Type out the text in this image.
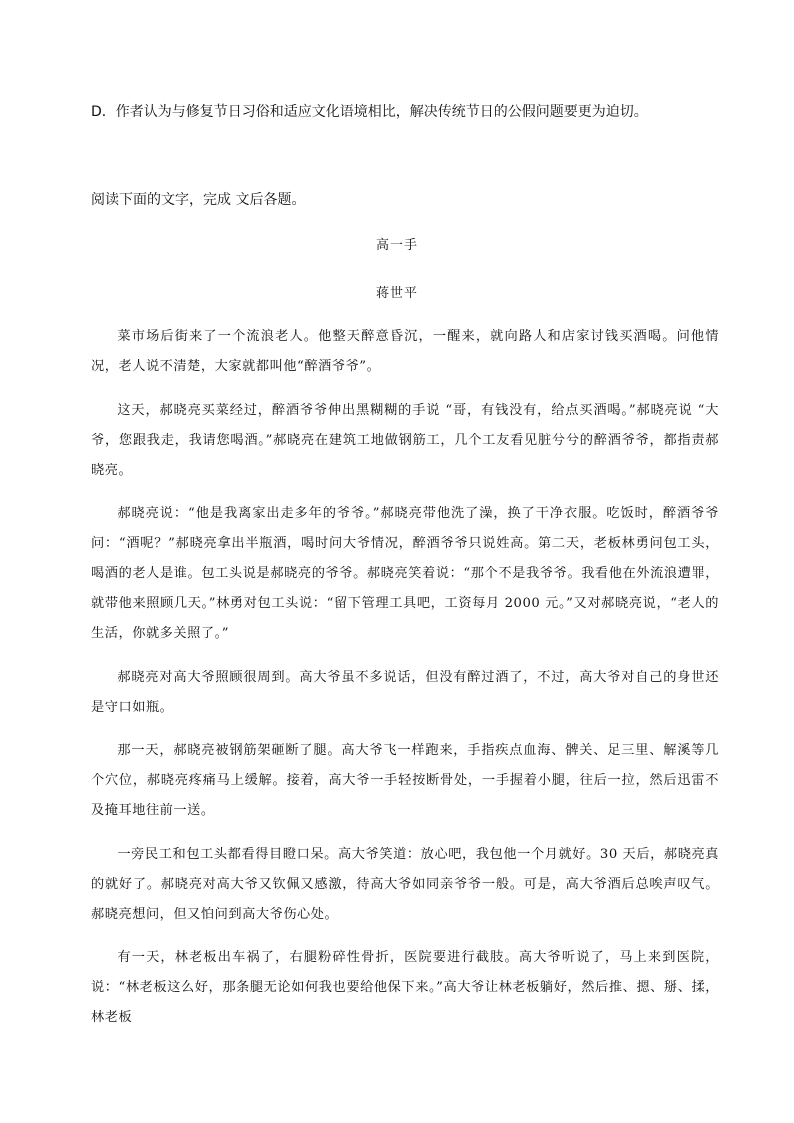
D．作者认为与修复节日习俗和适应文化语境相比，解决传统节日的公假问题要更为迫切。
阅读下面的文字，完成 文后各题。
高一手
蒋世平

菜市场后街来了一个流浪老人。他整天醉意昏沉，一醒来，就向路人和店家讨钱买酒喝。问他情况，老人说不清楚，大家就都叫他“醉酒爷爷”。

这天，郝晓亮买菜经过，醉酒爷爷伸出黑糊糊的手说 “哥，有钱没有，给点买酒喝。”郝晓亮说 “大爷，您跟我走，我请您喝酒。”郝晓亮在建筑工地做钢筋工，几个工友看见脏兮兮的醉酒爷爷，都指责郝晓亮。

郝晓亮说：“他是我离家出走多年的爷爷。”郝晓亮带他洗了澡，换了干净衣服。吃饭时，醉酒爷爷问：“酒呢？”郝晓亮拿出半瓶酒，喝时问大爷情况，醉酒爷爷只说姓高。第二天，老板林勇问包工头，喝酒的老人是谁。包工头说是郝晓亮的爷爷。郝晓亮笑着说：“那个不是我爷爷。我看他在外流浪遭罪，就带他来照顾几天。”林勇对包工头说：“留下管理工具吧，工资每月 2000 元。”又对郝晓亮说，“老人的生活，你就多关照了。”

郝晓亮对高大爷照顾很周到。高大爷虽不多说话，但没有醉过酒了，不过，高大爷对自己的身世还是守口如瓶。

那一天，郝晓亮被钢筋架砸断了腿。高大爷飞一样跑来，手指疾点血海、髀关、足三里、解溪等几个穴位，郝晓亮疼痛马上缓解。接着，高大爷一手轻按断骨处，一手握着小腿，往后一拉，然后迅雷不及掩耳地往前一送。

一旁民工和包工头都看得目瞪口呆。高大爷笑道：放心吧，我包他一个月就好。30 天后，郝晓亮真的就好了。郝晓亮对高大爷又钦佩又感激，待高大爷如同亲爷爷一般。可是，高大爷酒后总唉声叹气。郝晓亮想问，但又怕问到高大爷伤心处。

有一天，林老板出车祸了，右腿粉碎性骨折，医院要进行截肢。高大爷听说了，马上来到医院，说：“林老板这么好，那条腿无论如何我也要给他保下来。”高大爷让林老板躺好，然后推、摁、掰、揉，林老板
